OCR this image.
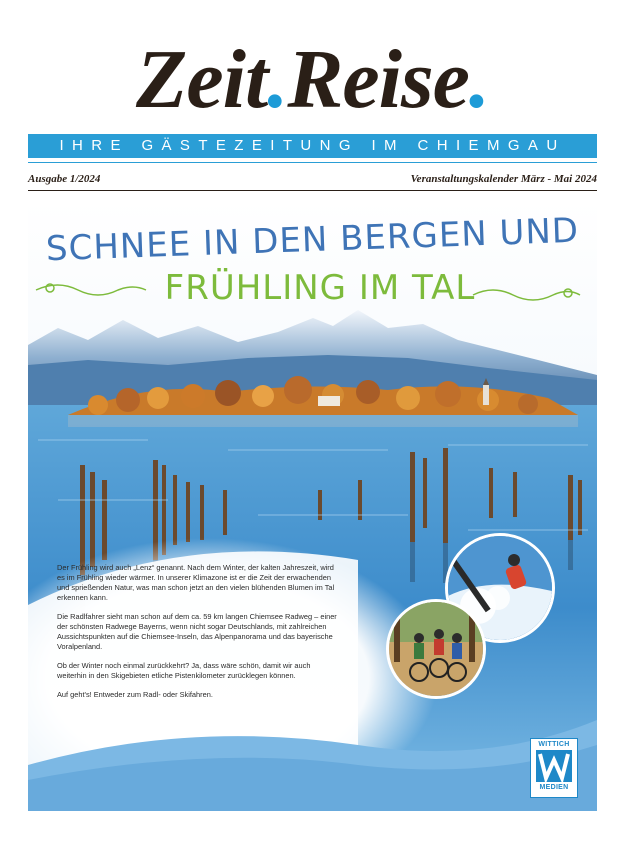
Zeit.Reise.
IHRE GÄSTEZEITUNG IM CHIEMGAU
Ausgabe 1/2024	Veranstaltungskalender März - Mai 2024
SCHNEE IN DEN BERGEN UND
FRÜHLING IM TAL

Der Frühling wird auch „Lenz“ genannt. Nach dem Winter, der kalten Jahreszeit, wird es im Frühling wieder wärmer. In unserer Klimazone ist er die Zeit der erwachenden und sprießenden Natur, was man schon jetzt an den vielen blühenden Blumen im Tal erkennen kann.

Die Radlfahrer sieht man schon auf dem ca. 59 km langen Chiemsee Radweg – einer der schönsten Radwege Bayerns, wenn nicht sogar Deutschlands, mit zahlreichen Aussichtspunkten auf die Chiemsee-Inseln, das Alpenpanorama und das bayerische Voralpenland.

Ob der Winter noch einmal zurückkehrt? Ja, dass wäre schön, damit wir auch weiterhin in den Skigebieten etliche Pistenkilometer zurücklegen können.

Auf geht's! Entweder zum Radl- oder Skifahren.

WITTICH
MEDIEN
